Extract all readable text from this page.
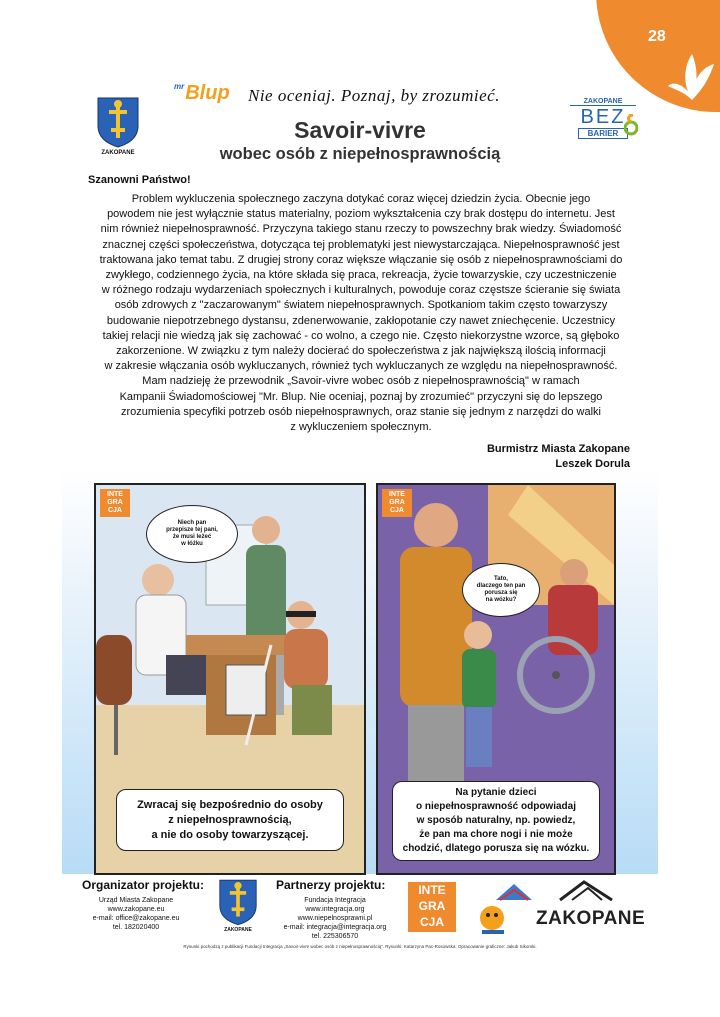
28
$^{mr}$Blup Nie oceniaj. Poznaj, by zrozumieć.
ZAKOPANE
Savoir-vivre
wobec osób z niepełnosprawnością
ZAKOPANE
BEZ
BARIER
Szanowni Państwo!

Problem wykluczenia społecznego zaczyna dotykać coraz więcej dziedzin życia. Obecnie jego

powodem nie jest wyłącznie status materialny, poziom wykształcenia czy brak dostępu do internetu. Jest

nim również niepełnosprawność. Przyczyna takiego stanu rzeczy to powszechny brak wiedzy. Świadomość

znacznej części społeczeństwa, dotycząca tej problematyki jest niewystarczająca. Niepełnosprawność jest

traktowana jako temat tabu. Z drugiej strony coraz większe włączanie się osób z niepełnosprawnościami do

zwykłego, codziennego życia, na które składa się praca, rekreacja, życie towarzyskie, czy uczestniczenie

w różnego rodzaju wydarzeniach społecznych i kulturalnych, powoduje coraz częstsze ścieranie się świata

osób zdrowych z "zaczarowanym" światem niepełnosprawnych. Spotkaniom takim często towarzyszy

budowanie niepotrzebnego dystansu, zdenerwowanie, zakłopotanie czy nawet zniechęcenie. Uczestnicy

takiej relacji nie wiedzą jak się zachować - co wolno, a czego nie. Często niekorzystne wzorce, są głęboko

zakorzenione. W związku z tym należy docierać do społeczeństwa z jak największą ilością informacji

w zakresie włączania osób wykluczanych, również tych wykluczanych ze względu na niepełnosprawność.

Mam nadzieję że przewodnik „Savoir-vivre wobec osób z niepełnosprawnością" w ramach

Kampanii Świadomościowej "Mr. Blup. Nie oceniaj, poznaj by zrozumieć" przyczyni się do lepszego

zrozumienia specyfiki potrzeb osób niepełnosprawnych, oraz stanie się jednym z narzędzi do walki

z wykluczeniem społecznym.

Burmistrz Miasta Zakopane
Leszek Dorula
INTE
GRA
CJA
Niech pan
przepisze tej pani,
że musi leżeć
w łóżku
Zwracaj się bezpośrednio do osoby
z niepełnosprawnością,
a nie do osoby towarzyszącej.
INTE
GRA
CJA
Tato,
dlaczego ten pan
porusza się
na wózku?
Na pytanie dzieci
o niepełnosprawność odpowiadaj
w sposób naturalny, np. powiedz,
że pan ma chore nogi i nie może
chodzić, dlatego porusza się na wózku.
Organizator projektu:
Urząd Miasta Zakopane
www.zakopane.eu
e-mail: office@zakopane.eu
tel. 182020400	ZAKOPANE
Partnerzy projektu:
Fundacja Integracja
www.integracja.org
www.niepelnosprawni.pl
e-mail: integracja@integracja.org
tel. 225306570
INTE
GRA
CJA	ZAKOPANE
Rysunki pochodzą z publikacji Fundacji Integracja „Savoir-vivre wobec osób z niepełnosprawnością". Rysunki: Katarzyna Pac-Rosowska; Opracowanie graficzne: Jakub Sikorski.
